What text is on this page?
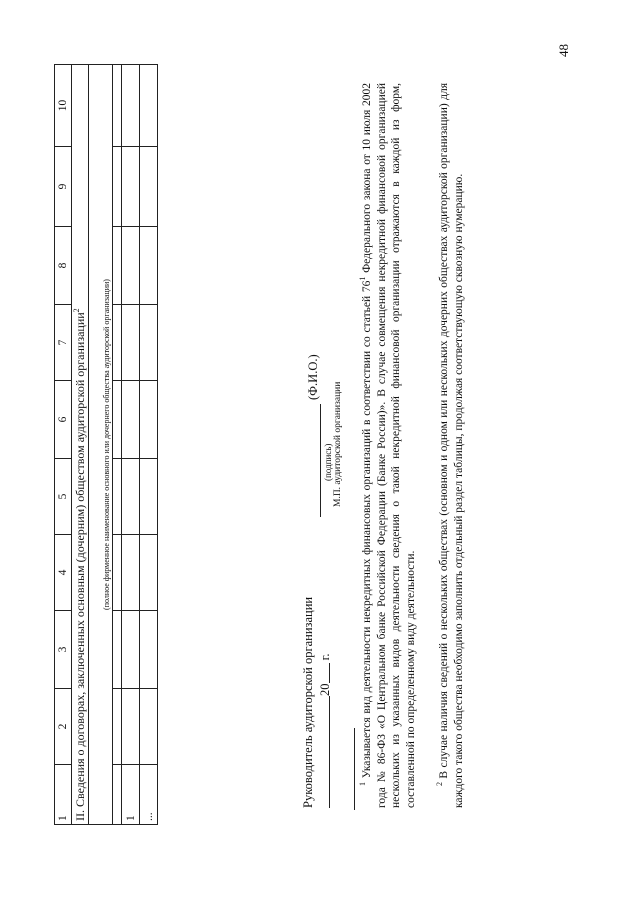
48
1	2	3	4	5	6	7	8	9	10
II. Сведения о договорах, заключенных основным (дочерним) обществом аудиторской организации$^2$
(полное фирменное наименование основного или дочернего общества аудиторской организации)									

1									
...									
Руководитель аудиторской организации 20 г.
(Ф.И.О.)
(подпись) М.П. аудиторской организации
$^1$ Указывается вид деятельности некредитных финансовых организаций в соответствии со статьей $76^1$ Федерального закона от 10 июля 2002 года № 86-ФЗ «О Центральном банке Российской Федерации (Банке России)». В случае совмещения некредитной финансовой организацией нескольких из указанных видов деятельности сведения о такой некредитной финансовой организации отражаются в каждой из форм, составленной по определенному виду деятельности. $^2$ В случае наличия сведений о нескольких обществах (основном и одном или нескольких дочерних обществах аудиторской организации) для каждого такого общества необходимо заполнить отдельный раздел таблицы, продолжая соответствующую сквозную нумерацию.
